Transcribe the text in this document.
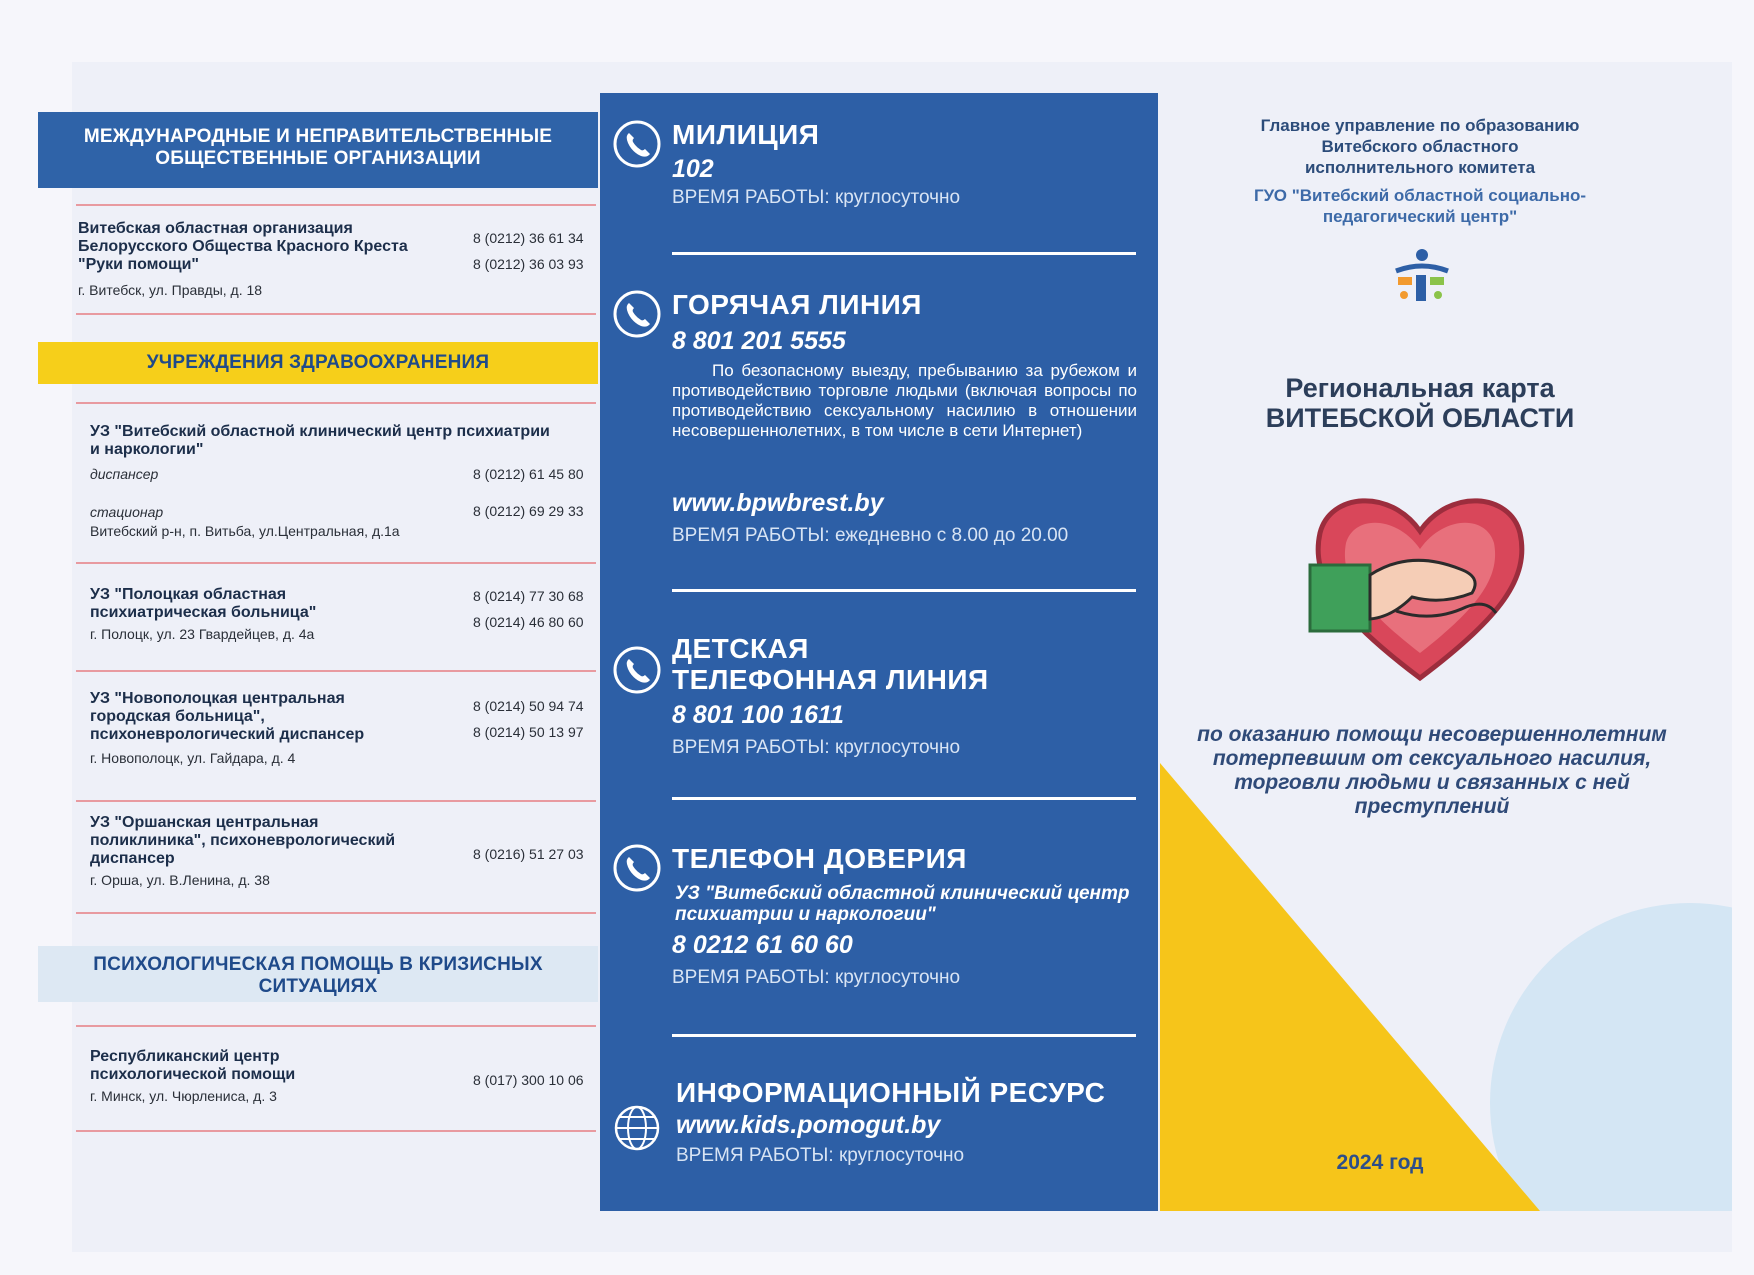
МЕЖДУНАРОДНЫЕ И НЕПРАВИТЕЛЬСТВЕННЫЕ ОБЩЕСТВЕННЫЕ ОРГАНИЗАЦИИ
Витебская областная организация Белорусского Общества Красного Креста "Руки помощи"
г. Витебск, ул. Правды, д. 18
8 (0212) 36 61 34
8 (0212) 36 03 93
УЧРЕЖДЕНИЯ ЗДРАВООХРАНЕНИЯ
УЗ "Витебский областной клинический центр психиатрии и наркологии"
диспансер
стационар
Витебский р-н, п. Витьба, ул.Центральная, д.1а
8 (0212) 61 45 80
8 (0212) 69 29 33
УЗ "Полоцкая областная психиатрическая больница"
г. Полоцк, ул. 23 Гвардейцев, д. 4а
8 (0214) 77 30 68
8 (0214) 46 80 60
УЗ "Новополоцкая центральная городская больница", психоневрологический диспансер
г. Новополоцк, ул. Гайдара, д. 4
8 (0214) 50 94 74
8 (0214) 50 13 97
УЗ "Оршанская центральная поликлиника", психоневрологический диспансер
г. Орша, ул. В.Ленина, д. 38
8 (0216) 51 27 03
ПСИХОЛОГИЧЕСКАЯ ПОМОЩЬ В КРИЗИСНЫХ СИТУАЦИЯХ
Республиканский центр психологической помощи
г. Минск, ул. Чюрлениса, д. 3
8 (017) 300 10 06
МИЛИЦИЯ
102
ВРЕМЯ РАБОТЫ: круглосуточно
ГОРЯЧАЯ ЛИНИЯ
8 801 201 5555
По безопасному выезду, пребыванию за рубежом и противодействию торговле людьми (включая вопросы по противодействию сексуальному насилию в отношении несовершеннолетних, в том числе в сети Интернет)
www.bpwbrest.by
ВРЕМЯ РАБОТЫ: ежедневно с 8.00 до 20.00
ДЕТСКАЯ
ТЕЛЕФОННАЯ ЛИНИЯ
8 801 100 1611
ВРЕМЯ РАБОТЫ: круглосуточно
ТЕЛЕФОН ДОВЕРИЯ
УЗ "Витебский областной клинический центр психиатрии и наркологии"
8 0212 61 60 60
ВРЕМЯ РАБОТЫ: круглосуточно
ИНФОРМАЦИОННЫЙ РЕСУРС
www.kids.pomogut.by
ВРЕМЯ РАБОТЫ: круглосуточно
Главное управление по образованию
Витебского областного
исполнительного комитета
ГУО "Витебский областной социально-
педагогический центр"
Региональная карта
ВИТЕБСКОЙ ОБЛАСТИ
по оказанию помощи несовершеннолетним потерпевшим от сексуального насилия, торговли людьми и связанных с ней преступлений
2024 год
